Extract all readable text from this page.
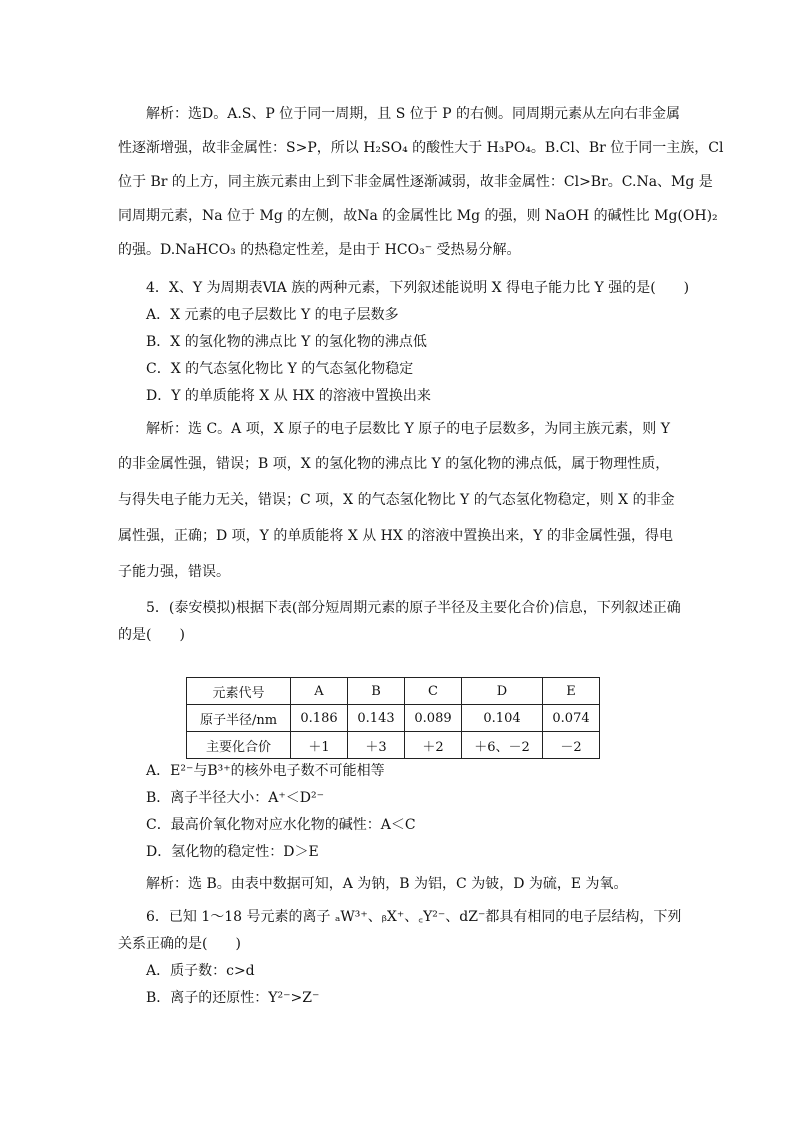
解析：选D。A.S、P 位于同一周期，且 S 位于 P 的右侧。同周期元素从左向右非金属
性逐渐增强，故非金属性：S>P，所以 H₂SO₄ 的酸性大于 H₃PO₄。B.Cl、Br 位于同一主族，Cl
位于 Br 的上方，同主族元素由上到下非金属性逐渐减弱，故非金属性：Cl>Br。C.Na、Mg 是
同周期元素，Na 位于 Mg 的左侧，故Na 的金属性比 Mg 的强，则 NaOH 的碱性比 Mg(OH)₂
的强。D.NaHCO₃ 的热稳定性差，是由于 HCO₃⁻ 受热易分解。
4．X、Y 为周期表ⅥA 族的两种元素，下列叙述能说明 X 得电子能力比 Y 强的是(　　)
A．X 元素的电子层数比 Y 的电子层数多
B．X 的氢化物的沸点比 Y 的氢化物的沸点低
C．X 的气态氢化物比 Y 的气态氢化物稳定
D．Y 的单质能将 X 从 HX 的溶液中置换出来
解析：选 C。A 项，X 原子的电子层数比 Y 原子的电子层数多，为同主族元素，则 Y
的非金属性强，错误；B 项，X 的氢化物的沸点比 Y 的氢化物的沸点低，属于物理性质，
与得失电子能力无关，错误；C 项，X 的气态氢化物比 Y 的气态氢化物稳定，则 X 的非金
属性强，正确；D 项，Y 的单质能将 X 从 HX 的溶液中置换出来，Y 的非金属性强，得电
子能力强，错误。
5．(泰安模拟)根据下表(部分短周期元素的原子半径及主要化合价)信息，下列叙述正确
的是(　　)
元素代号	A	B	C	D	E
原子半径/nm	0.186	0.143	0.089	0.104	0.074
主要化合价	＋1	＋3	＋2	＋6、－2	－2
A．E²⁻与B³⁺的核外电子数不可能相等
B．离子半径大小：A⁺＜D²⁻
C．最高价氧化物对应水化物的碱性：A＜C
D．氢化物的稳定性：D＞E
解析：选 B。由表中数据可知，A 为钠，B 为铝，C 为铍，D 为硫，E 为氧。
6．已知 1～18 号元素的离子 ₐW³⁺、ᵦX⁺、꜀Y²⁻、dZ⁻都具有相同的电子层结构，下列
关系正确的是(　　)
A．质子数：c>d
B．离子的还原性：Y²⁻>Z⁻
